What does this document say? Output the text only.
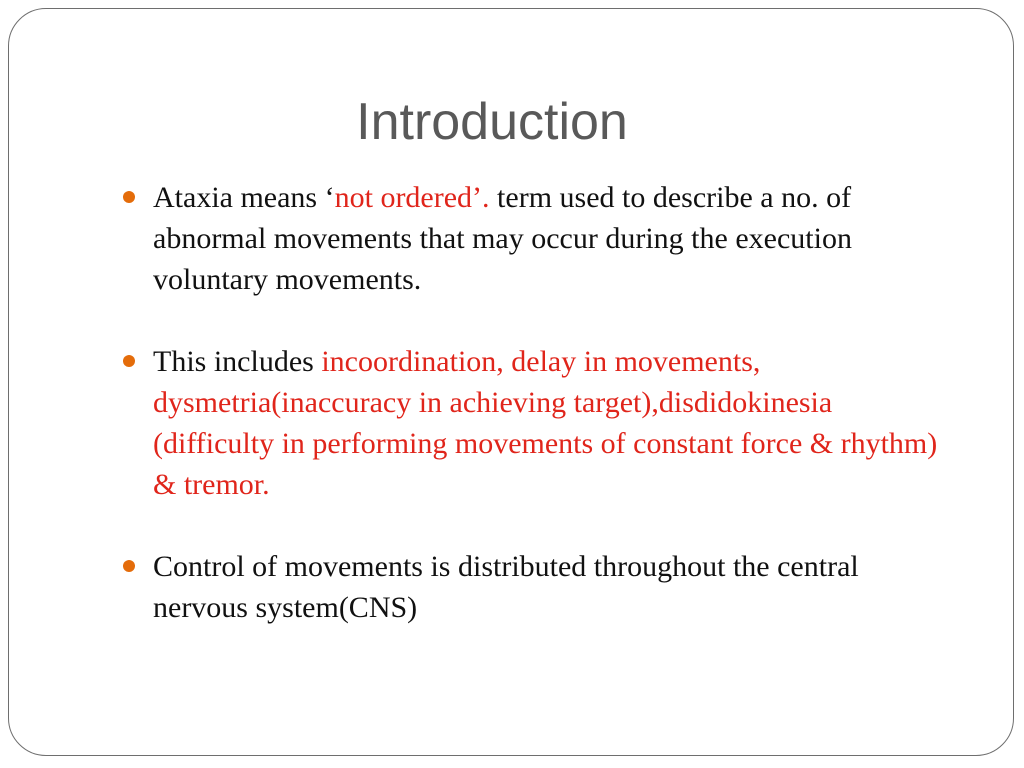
Introduction
Ataxia means ‘not ordered’. term used to describe a no. of abnormal movements that may occur during the execution voluntary movements.
This includes incoordination, delay in movements, dysmetria(inaccuracy in achieving target),disdidokinesia (difficulty in performing movements of constant force & rhythm) & tremor.
Control of movements is distributed throughout the central nervous system(CNS)
